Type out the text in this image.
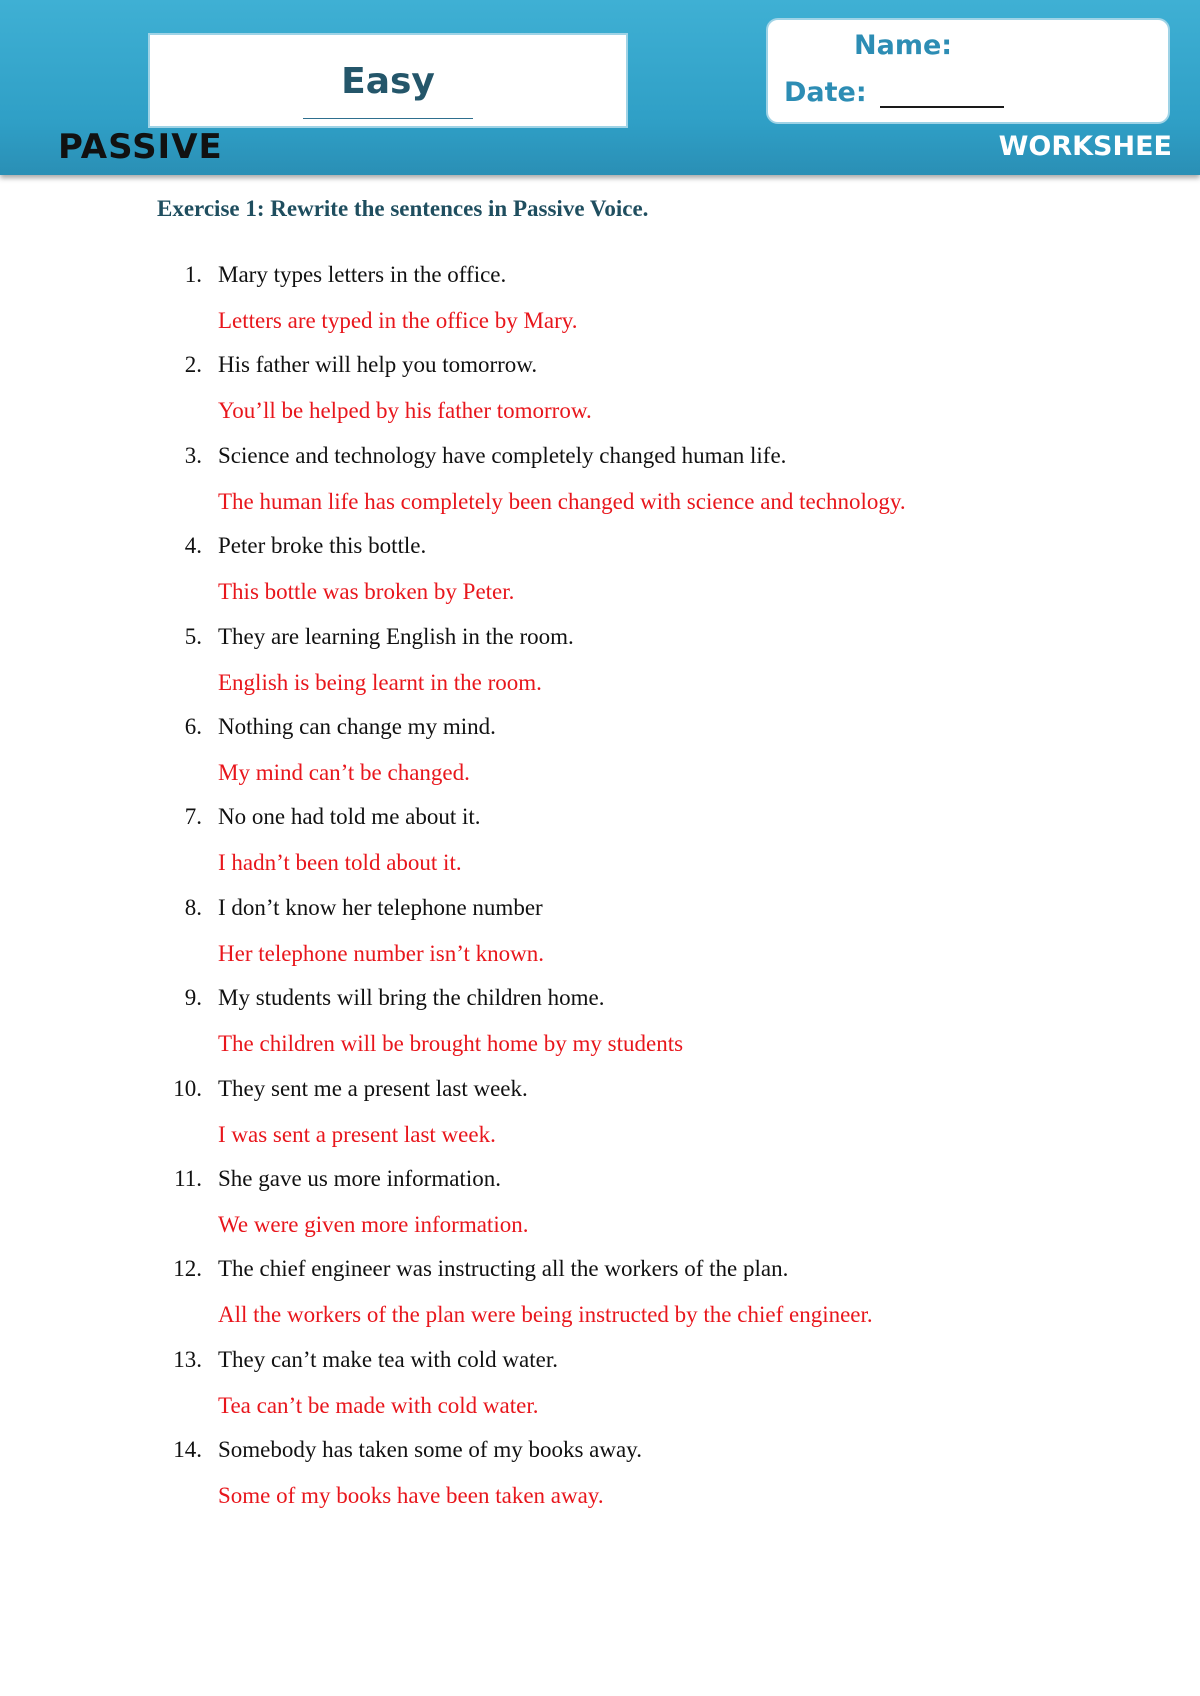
Easy
Name:
Date:
PASSIVE	WORKSHEE
Exercise 1: Rewrite the sentences in Passive Voice.
1. Mary types letters in the office.
Letters are typed in the office by Mary.
2. His father will help you tomorrow.
You’ll be helped by his father tomorrow.
3. Science and technology have completely changed human life.
The human life has completely been changed with science and technology.
4. Peter broke this bottle.
This bottle was broken by Peter.
5. They are learning English in the room.
English is being learnt in the room.
6. Nothing can change my mind.
My mind can’t be changed.
7. No one had told me about it.
I hadn’t been told about it.
8. I don’t know her telephone number
Her telephone number isn’t known.
9. My students will bring the children home.
The children will be brought home by my students
10. They sent me a present last week.
I was sent a present last week.
11. She gave us more information.
We were given more information.
12. The chief engineer was instructing all the workers of the plan.
All the workers of the plan were being instructed by the chief engineer.
13. They can’t make tea with cold water.
Tea can’t be made with cold water.
14. Somebody has taken some of my books away.
Some of my books have been taken away.
